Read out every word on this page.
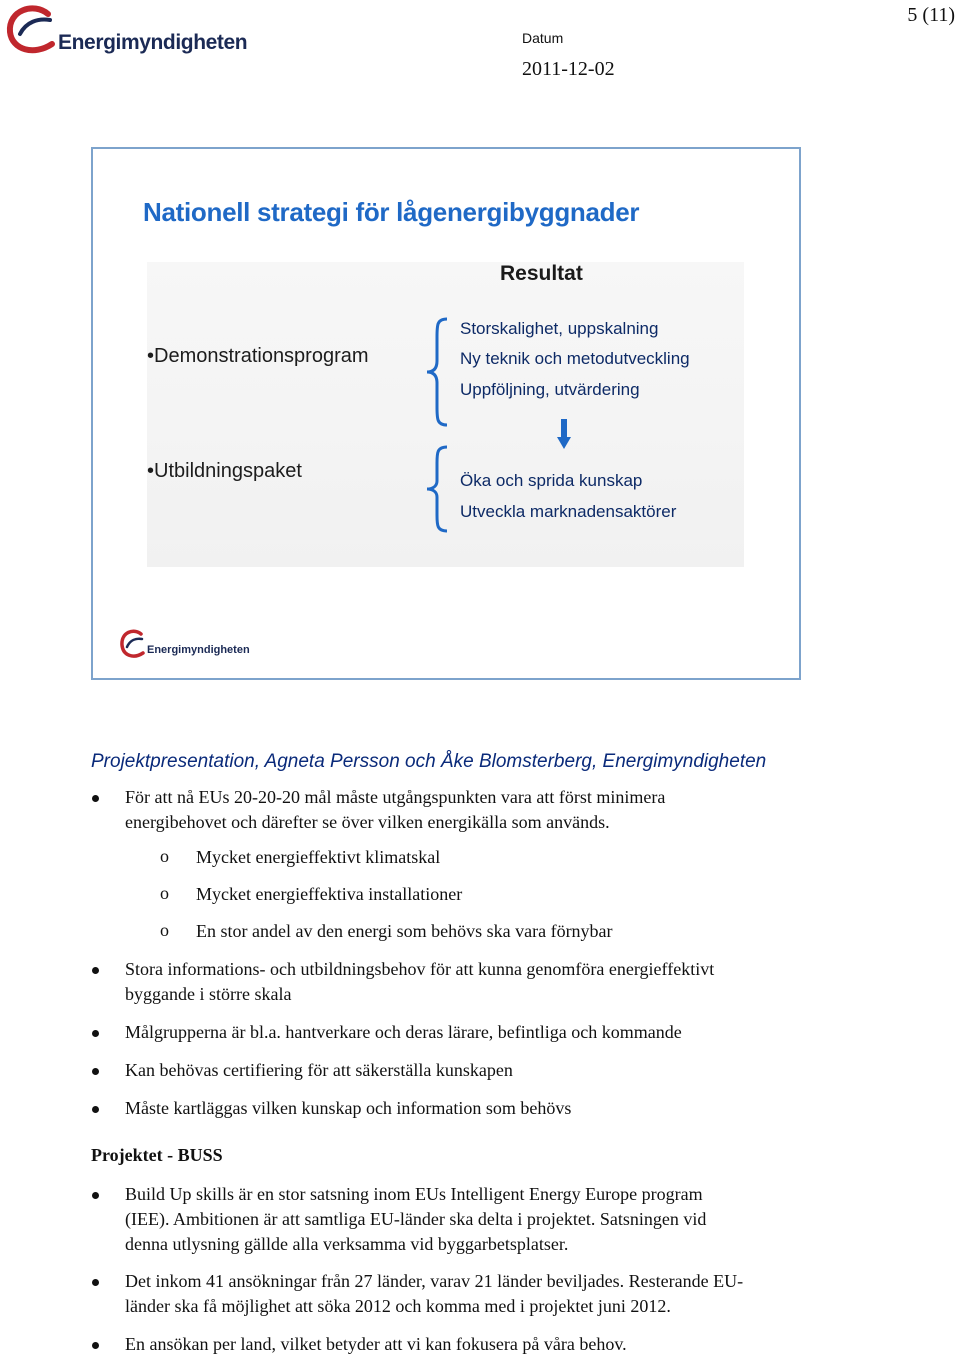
Energimyndigheten
5 (11)
Datum
2011-12-02
Nationell strategi för lågenergibyggnader
Resultat
•Demonstrationsprogram
•Utbildningspaket
Storskalighet, uppskalning
Ny teknik och metodutveckling
Uppföljning, utvärdering
Öka och sprida kunskap
Utveckla marknadensaktörer
Energimyndigheten
Projektpresentation, Agneta Persson och Åke Blomsterberg, Energimyndigheten
För att nå EUs 20-20-20 mål måste utgångspunkten vara att först minimera
energibehovet och därefter se över vilken energikälla som används.
o Mycket energieffektivt klimatskal
o Mycket energieffektiva installationer
o En stor andel av den energi som behövs ska vara förnybar
Stora informations- och utbildningsbehov för att kunna genomföra energieffektivt
byggande i större skala
Målgrupperna är bl.a. hantverkare och deras lärare, befintliga och kommande
Kan behövas certifiering för att säkerställa kunskapen
Måste kartläggas vilken kunskap och information som behövs
Projektet - BUSS
Build Up skills är en stor satsning inom EUs Intelligent Energy Europe program
(IEE). Ambitionen är att samtliga EU-länder ska delta i projektet. Satsningen vid
denna utlysning gällde alla verksamma vid byggarbetsplatser.
Det inkom 41 ansökningar från 27 länder, varav 21 länder beviljades. Resterande EU-
länder ska få möjlighet att söka 2012 och komma med i projektet juni 2012.
En ansökan per land, vilket betyder att vi kan fokusera på våra behov.
